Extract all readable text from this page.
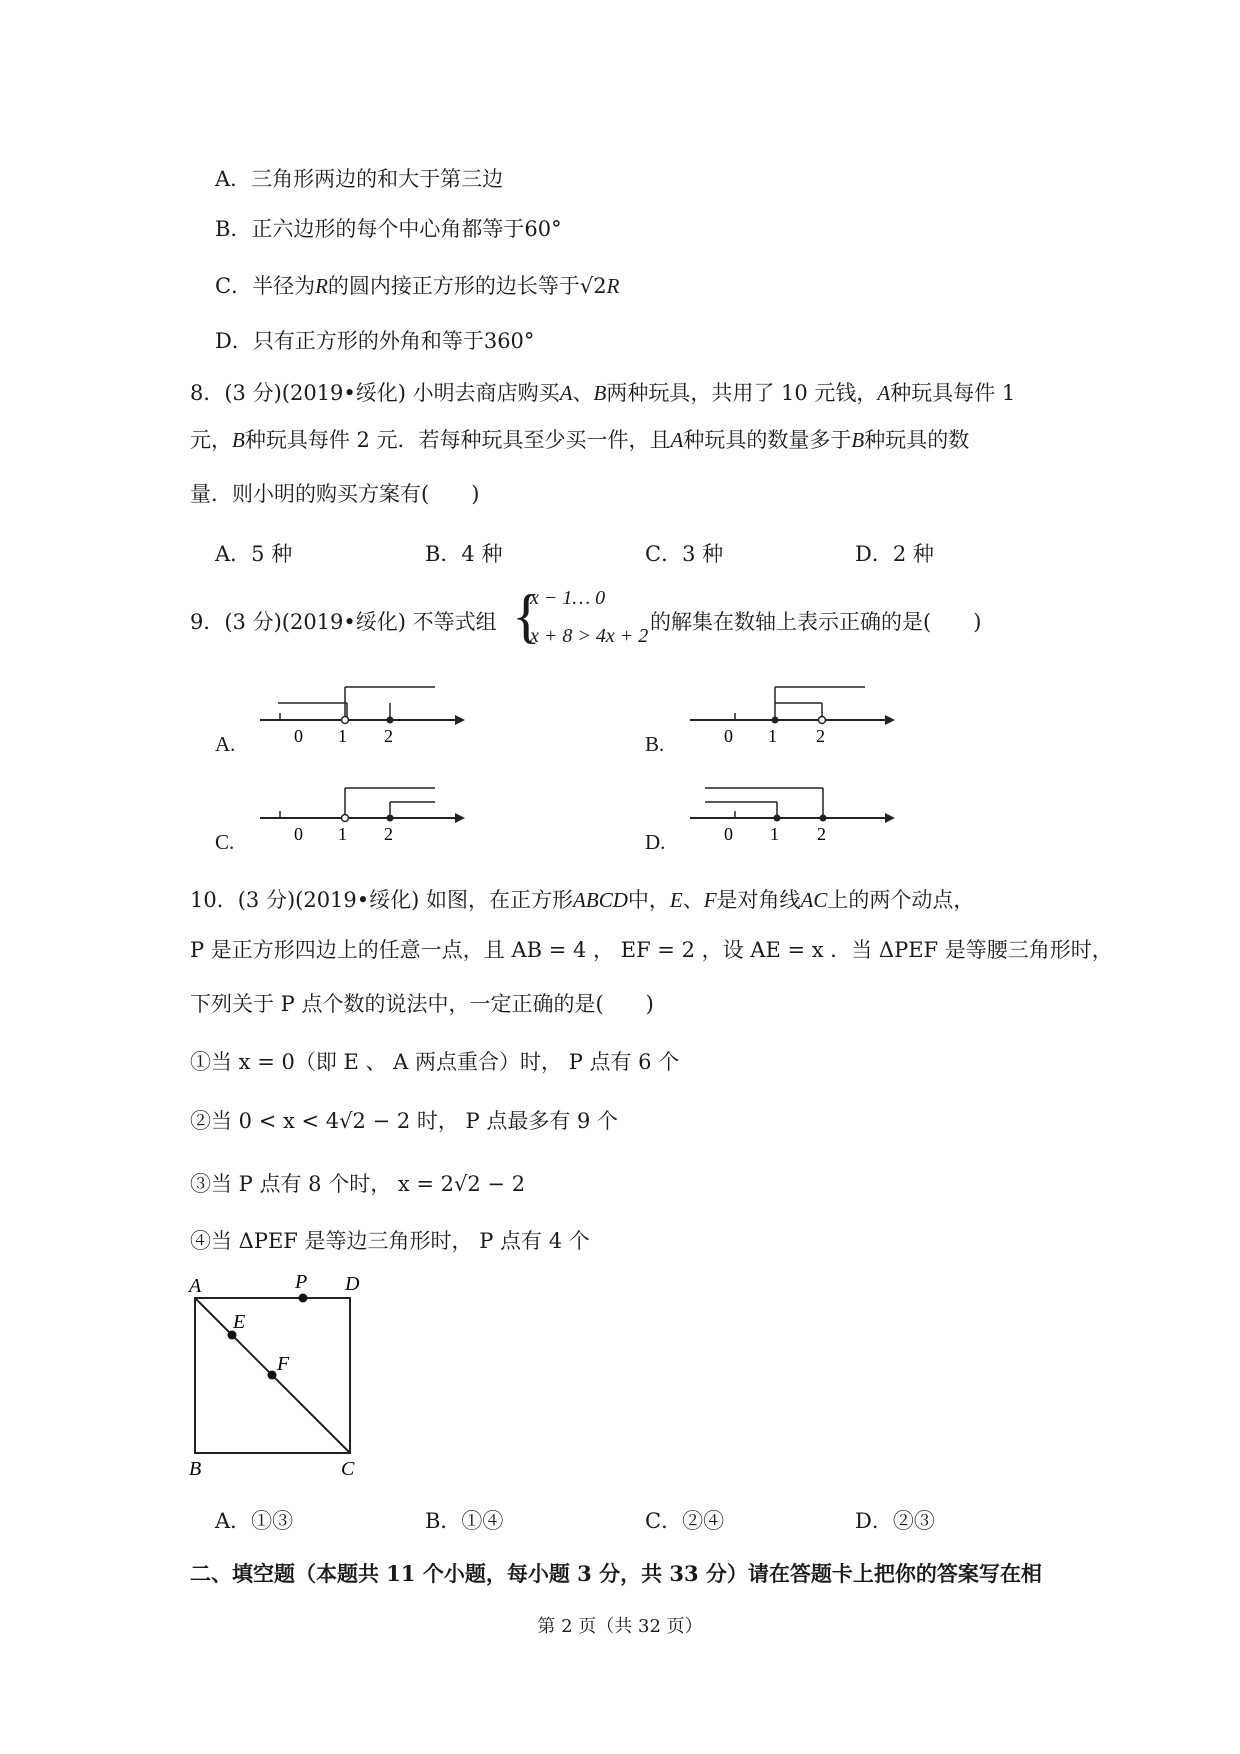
A．三角形两边的和大于第三边
B．正六边形的每个中心角都等于60°
C．半径为R的圆内接正方形的边长等于√2R
D．只有正方形的外角和等于360°
8．(3 分)(2019•绥化) 小明去商店购买A、B两种玩具，共用了 10 元钱，A种玩具每件 1
元，B种玩具每件 2 元．若每种玩具至少买一件，且A种玩具的数量多于B种玩具的数
量．则小明的购买方案有(　　)
A．5 种	B．4 种	C．3 种	D．2 种
9．(3 分)(2019•绥化) 不等式组 {
x − 1… 0
x + 8 > 4x + 2
的解集在数轴上表示正确的是(　　)
A.	0 1 2	B.	0 1 2
C.	0 1 2	D.	0 1 2
10．(3 分)(2019•绥化) 如图，在正方形ABCD中，E、F是对角线AC上的两个动点，
P 是正方形四边上的任意一点，且 AB = 4 ， EF = 2 ，设 AE = x ．当 ΔPEF 是等腰三角形时，
下列关于 P 点个数的说法中，一定正确的是(　　)
①当 x = 0（即 E 、 A 两点重合）时， P 点有 6 个
②当 0 < x < 4√2 − 2 时， P 点最多有 9 个
③当 P 点有 8 个时， x = 2√2 − 2
④当 ΔPEF 是等边三角形时， P 点有 4 个
A	P D
E
F
B	C
A．①③	B．①④	C．②④	D．②③
二、填空题（本题共 11 个小题，每小题 3 分，共 33 分）请在答题卡上把你的答案写在相
第 2 页（共 32 页）
